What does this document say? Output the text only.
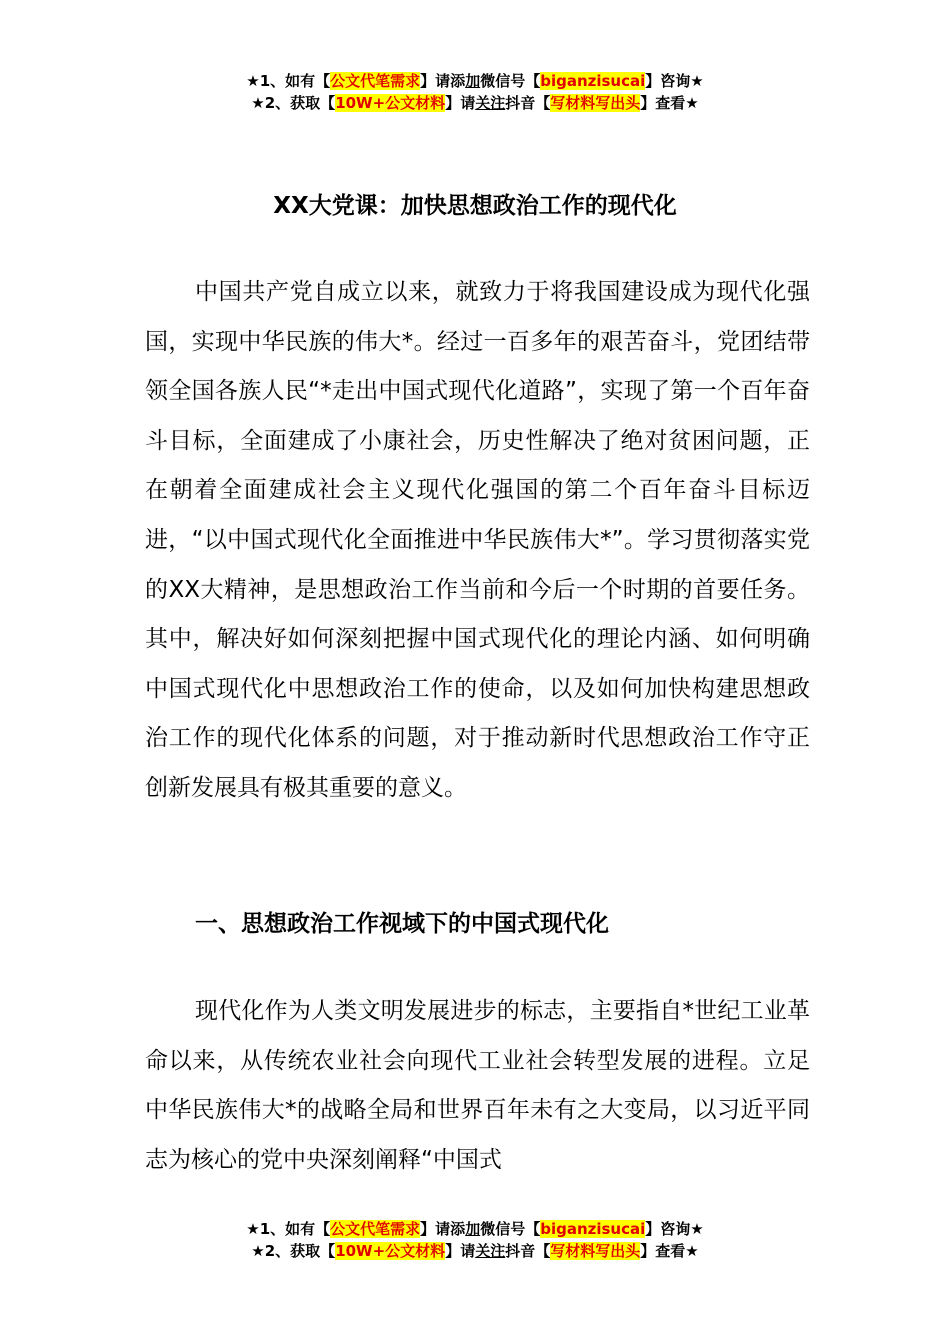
★1、如有【公文代笔需求】请添加微信号【biganzisucai】咨询★
★2、获取【10W+公文材料】请关注抖音【写材料写出头】查看★
XX大党课：加快思想政治工作的现代化

中国共产党自成立以来，就致力于将我国建设成为现代化强国，实现中华民族的伟大*。经过一百多年的艰苦奋斗，党团结带领全国各族人民“*走出中国式现代化道路”，实现了第一个百年奋斗目标，全面建成了小康社会，历史性解决了绝对贫困问题，正在朝着全面建成社会主义现代化强国的第二个百年奋斗目标迈进，“以中国式现代化全面推进中华民族伟大*”。学习贯彻落实党的XX大精神，是思想政治工作当前和今后一个时期的首要任务。其中，解决好如何深刻把握中国式现代化的理论内涵、如何明确中国式现代化中思想政治工作的使命，以及如何加快构建思想政治工作的现代化体系的问题，对于推动新时代思想政治工作守正创新发展具有极其重要的意义。

一、思想政治工作视域下的中国式现代化

现代化作为人类文明发展进步的标志，主要指自*世纪工业革命以来，从传统农业社会向现代工业社会转型发展的进程。立足中华民族伟大*的战略全局和世界百年未有之大变局，以习近平同志为核心的党中央深刻阐释“中国式

★1、如有【公文代笔需求】请添加微信号【biganzisucai】咨询★
★2、获取【10W+公文材料】请关注抖音【写材料写出头】查看★
